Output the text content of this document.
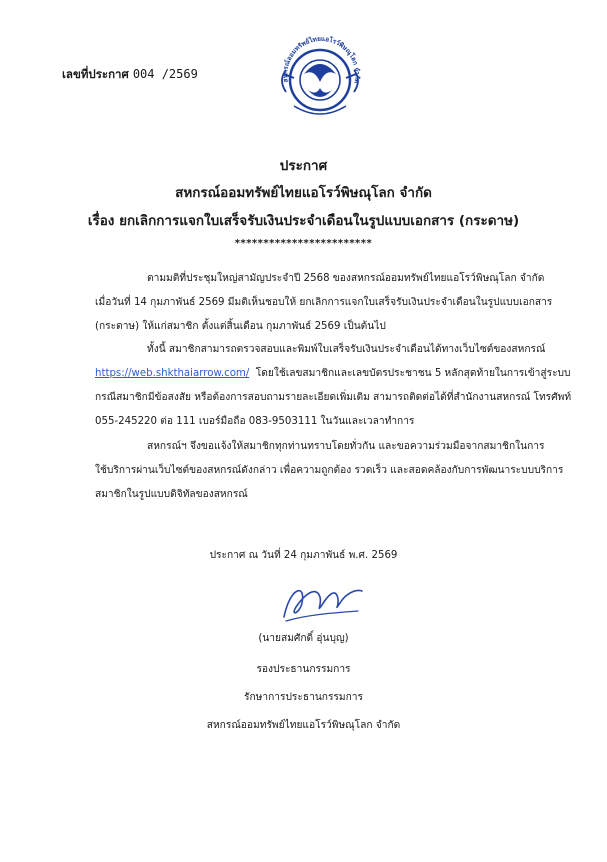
เลขที่ประกาศ 004 /2569	สหกรณ์ออมทรัพย์ไทยแอโรว์พิษณุโลก จำกัด
ประกาศ
สหกรณ์ออมทรัพย์ไทยแอโรว์พิษณุโลก จำกัด
เรื่อง ยกเลิกการแจกใบเสร็จรับเงินประจำเดือนในรูปแบบเอกสาร (กระดาษ)
************************
ตามมติที่ประชุมใหญ่สามัญประจำปี 2568 ของสหกรณ์ออมทรัพย์ไทยแอโรว์พิษณุโลก จำกัด
เมื่อวันที่ 14 กุมภาพันธ์ 2569 มีมติเห็นชอบให้ ยกเลิกการแจกใบเสร็จรับเงินประจำเดือนในรูปแบบเอกสาร
(กระดาษ) ให้แก่สมาชิก ตั้งแต่สิ้นเดือน กุมภาพันธ์ 2569 เป็นต้นไป
ทั้งนี้ สมาชิกสามารถตรวจสอบและพิมพ์ใบเสร็จรับเงินประจำเดือนได้ทางเว็บไซต์ของสหกรณ์
https://web.shkthaiarrow.com/ โดยใช้เลขสมาชิกและเลขบัตรประชาชน 5 หลักสุดท้ายในการเข้าสู่ระบบ
กรณีสมาชิกมีข้อสงสัย หรือต้องการสอบถามรายละเอียดเพิ่มเติม สามารถติดต่อได้ที่สำนักงานสหกรณ์ โทรศัพท์
055-245220 ต่อ 111 เบอร์มือถือ 083-9503111 ในวันและเวลาทำการ
สหกรณ์ฯ จึงขอแจ้งให้สมาชิกทุกท่านทราบโดยทั่วกัน และขอความร่วมมือจากสมาชิกในการ
ใช้บริการผ่านเว็บไซต์ของสหกรณ์ดังกล่าว เพื่อความถูกต้อง รวดเร็ว และสอดคล้องกับการพัฒนาระบบบริการ
สมาชิกในรูปแบบดิจิทัลของสหกรณ์
ประกาศ ณ วันที่ 24 กุมภาพันธ์ พ.ศ. 2569
(นายสมศักดิ์ อุ่นบุญ)
รองประธานกรรมการ
รักษาการประธานกรรมการ
สหกรณ์ออมทรัพย์ไทยแอโรว์พิษณุโลก จำกัด
